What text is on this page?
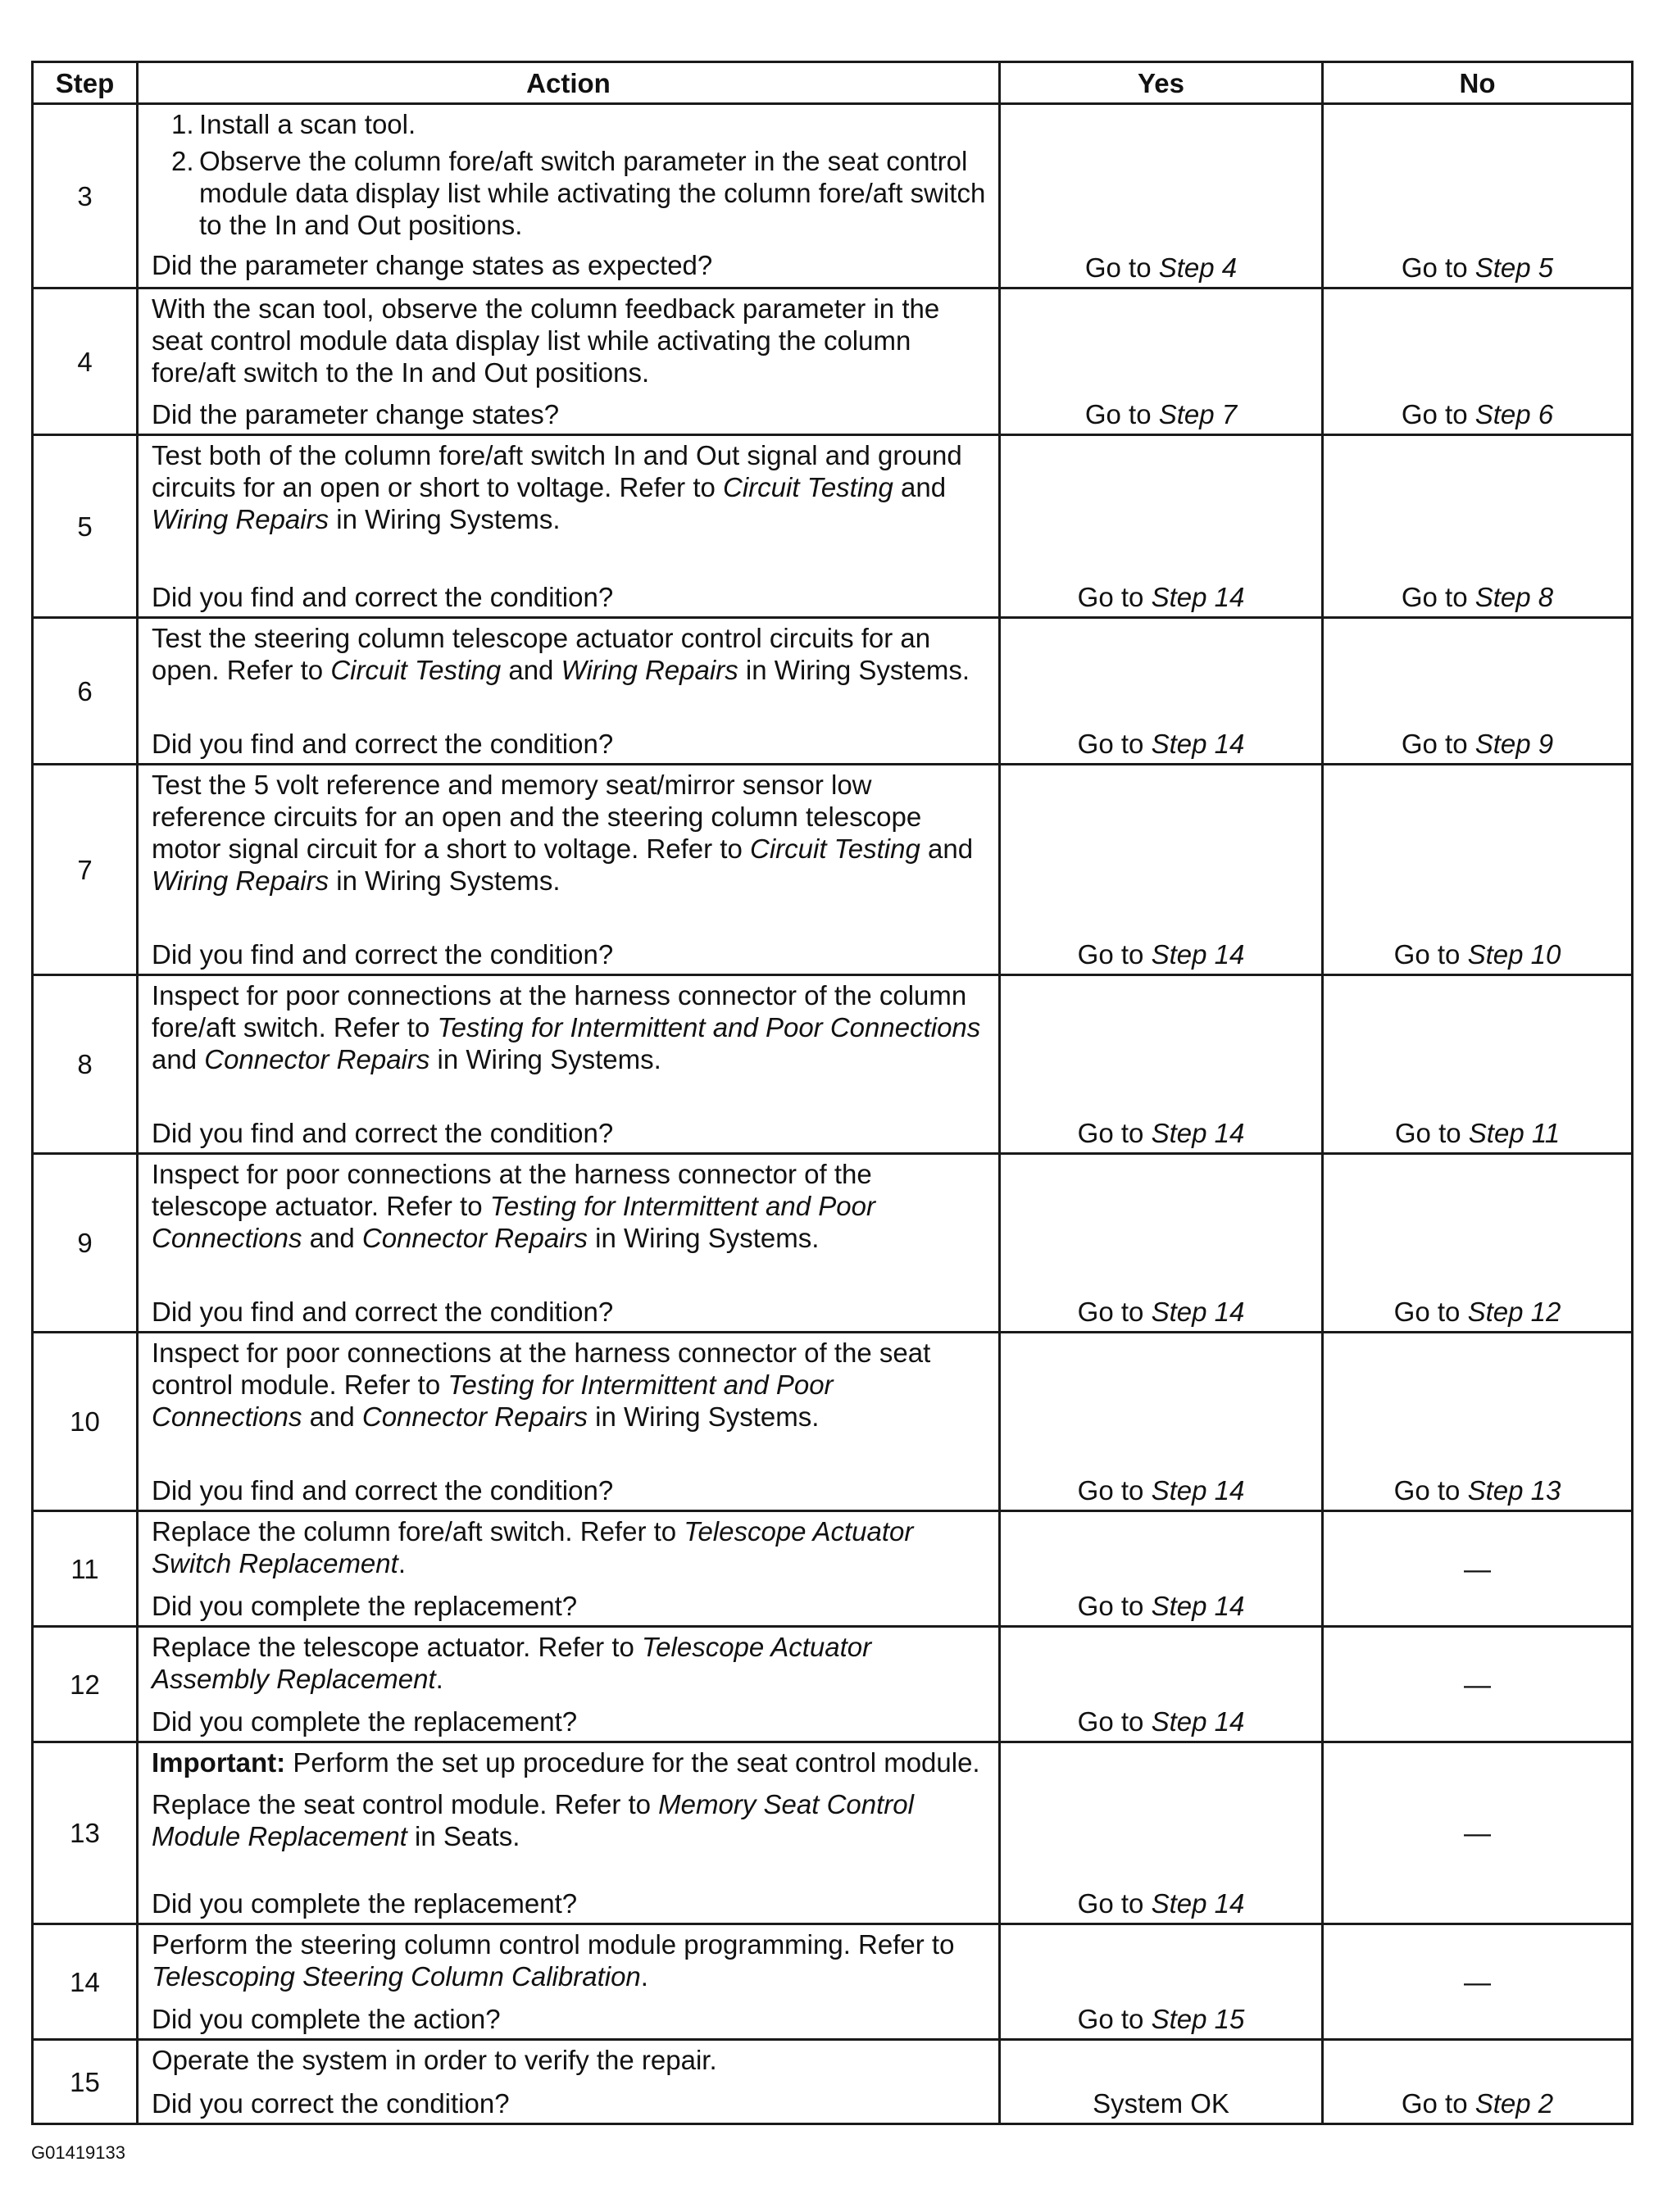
Step	Action	Yes	No
3	1. Install a scan tool.
2. Observe the column fore/aft switch parameter in the seat control module data display list while activating the column fore/aft switch to the In and Out positions.
Did the parameter change states as expected?	Go to Step 4	Go to Step 5
4	With the scan tool, observe the column feedback parameter in the seat control module data display list while activating the column fore/aft switch to the In and Out positions.
Did the parameter change states?	Go to Step 7	Go to Step 6
5	Test both of the column fore/aft switch In and Out signal and ground circuits for an open or short to voltage. Refer to Circuit Testing and Wiring Repairs in Wiring Systems.
Did you find and correct the condition?	Go to Step 14	Go to Step 8
6	Test the steering column telescope actuator control circuits for an open. Refer to Circuit Testing and Wiring Repairs in Wiring Systems.
Did you find and correct the condition?	Go to Step 14	Go to Step 9
7	Test the 5 volt reference and memory seat/mirror sensor low reference circuits for an open and the steering column telescope motor signal circuit for a short to voltage. Refer to Circuit Testing and Wiring Repairs in Wiring Systems.
Did you find and correct the condition?	Go to Step 14	Go to Step 10
8	Inspect for poor connections at the harness connector of the column fore/aft switch. Refer to Testing for Intermittent and Poor Connections and Connector Repairs in Wiring Systems.
Did you find and correct the condition?	Go to Step 14	Go to Step 11
9	Inspect for poor connections at the harness connector of the telescope actuator. Refer to Testing for Intermittent and Poor Connections and Connector Repairs in Wiring Systems.
Did you find and correct the condition?	Go to Step 14	Go to Step 12
10	Inspect for poor connections at the harness connector of the seat control module. Refer to Testing for Intermittent and Poor Connections and Connector Repairs in Wiring Systems.
Did you find and correct the condition?	Go to Step 14	Go to Step 13
11	Replace the column fore/aft switch. Refer to Telescope Actuator Switch Replacement.
Did you complete the replacement?	Go to Step 14	—
12	Replace the telescope actuator. Refer to Telescope Actuator Assembly Replacement.
Did you complete the replacement?	Go to Step 14	—
13	Important: Perform the set up procedure for the seat control module.
Replace the seat control module. Refer to Memory Seat Control Module Replacement in Seats.
Did you complete the replacement?	Go to Step 14	—
14	Perform the steering column control module programming. Refer to Telescoping Steering Column Calibration.
Did you complete the action?	Go to Step 15	—
15	Operate the system in order to verify the repair.
Did you correct the condition?	System OK	Go to Step 2
G01419133
